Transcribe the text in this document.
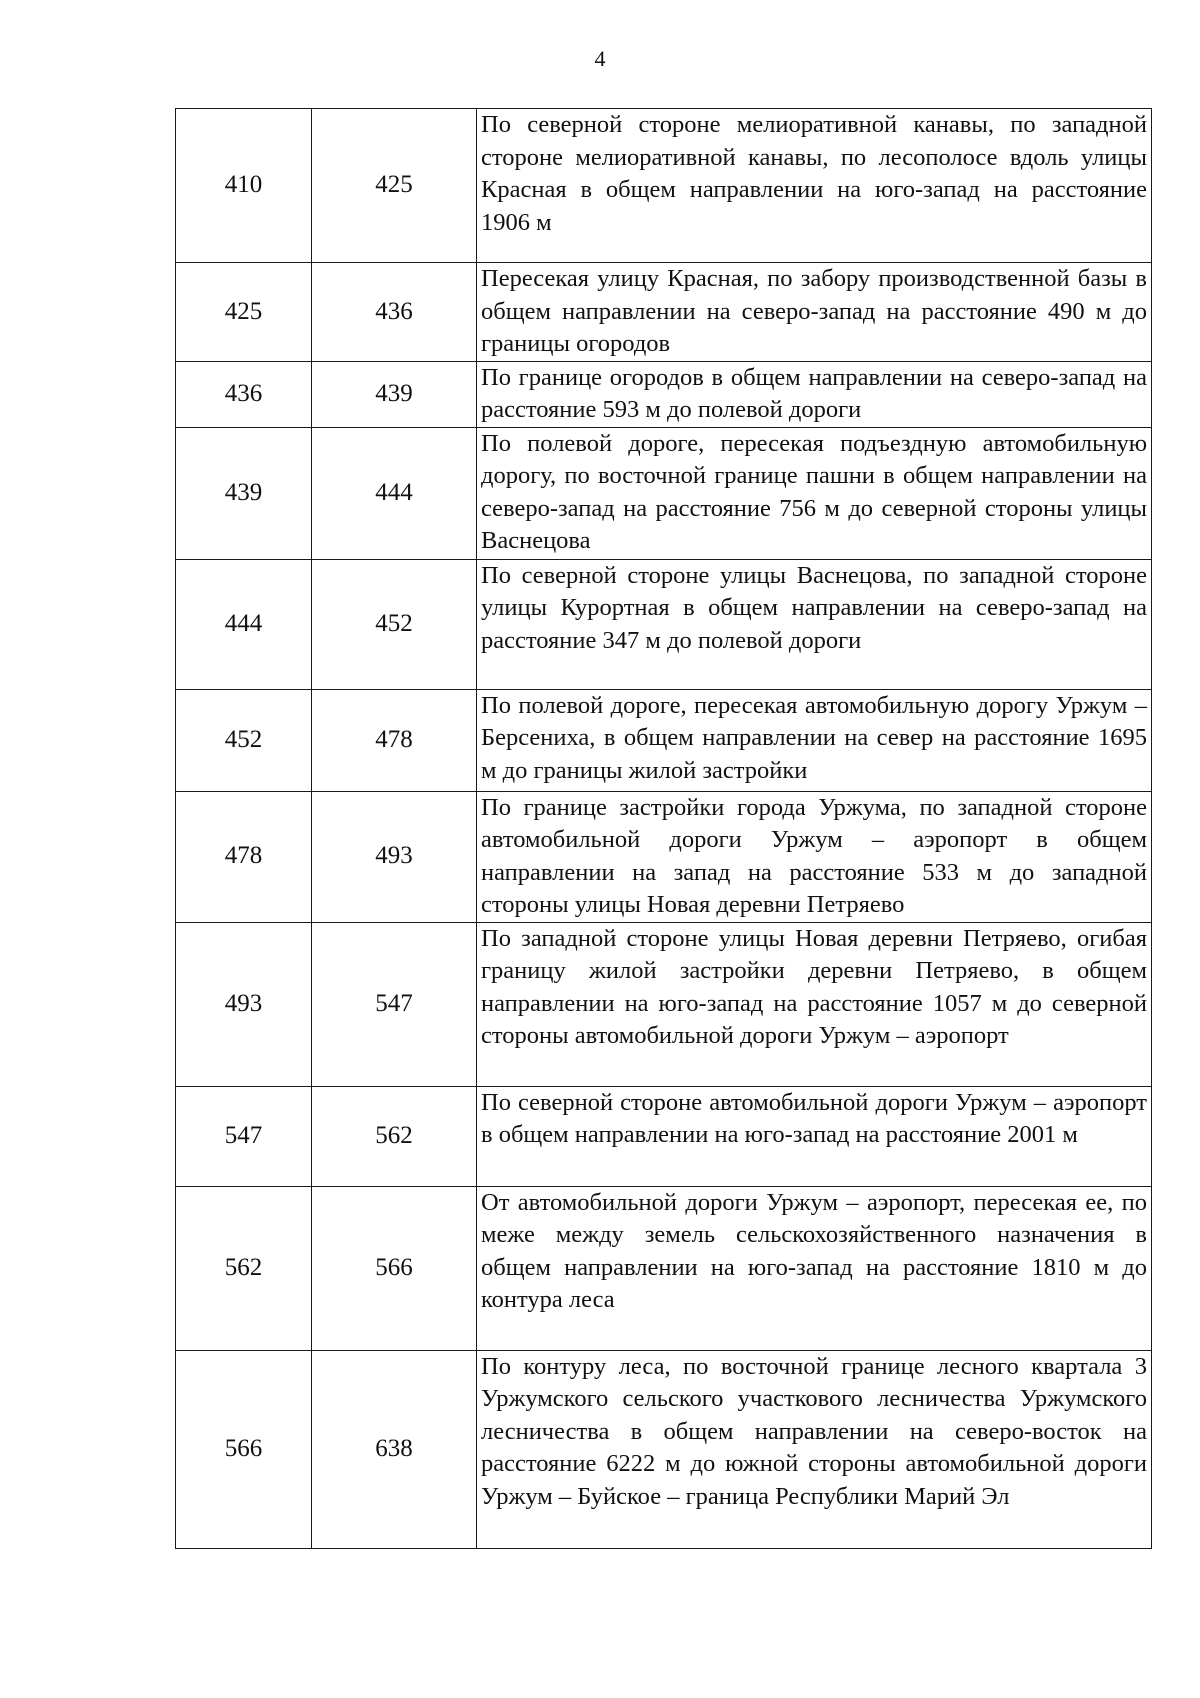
4
410	425	По северной стороне мелиоративной канавы, по западной стороне мелиоративной канавы, по лесополосе вдоль улицы Красная в общем направлении на юго-запад на расстояние 1906 м
425	436	Пересекая улицу Красная, по забору производственной базы в общем направлении на северо-запад на расстояние 490 м до границы огородов
436	439	По границе огородов в общем направлении на северо-запад на расстояние 593 м до полевой дороги
439	444	По полевой дороге, пересекая подъездную автомобильную дорогу, по восточной границе пашни в общем направлении на северо-запад на расстояние 756 м до северной стороны улицы Васнецова
444	452	По северной стороне улицы Васнецова, по западной стороне улицы Курортная в общем направлении на северо-запад на расстояние 347 м до полевой дороги
452	478	По полевой дороге, пересекая автомобильную дорогу Уржум – Берсениха, в общем направлении на север на расстояние 1695 м до границы жилой застройки
478	493	По границе застройки города Уржума, по западной стороне автомобильной дороги Уржум – аэропорт в общем направлении на запад на расстояние 533 м до западной стороны улицы Новая деревни Петряево
493	547	По западной стороне улицы Новая деревни Петряево, огибая границу жилой застройки деревни Петряево, в общем направлении на юго-запад на расстояние 1057 м до северной стороны автомобильной дороги Уржум – аэропорт
547	562	По северной стороне автомобильной дороги Уржум – аэропорт в общем направлении на юго-запад на расстояние 2001 м
562	566	От автомобильной дороги Уржум – аэропорт, пересекая ее, по меже между земель сельскохозяйственного назначения в общем направлении на юго-запад на расстояние 1810 м до контура леса
566	638	По контуру леса, по восточной границе лесного квартала 3 Уржумского сельского участкового лесничества Уржумского лесничества в общем направлении на северо-восток на расстояние 6222 м до южной стороны автомобильной дороги Уржум – Буйское – граница Республики Марий Эл
